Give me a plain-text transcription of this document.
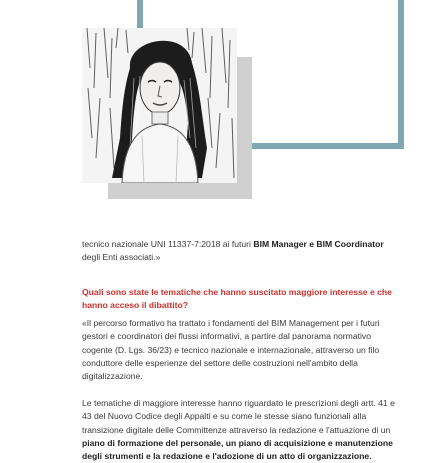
tecnico nazionale UNI 11337-7:2018 ai futuri BIM Manager e BIM Coordinator
degli Enti associati.»

Quali sono state le tematiche che hanno suscitato maggiore interesse e che hanno acceso il dibattito?

«Il percorso formativo ha trattato i fondamenti del BIM Management per i futuri gestori e coordinatori dei flussi informativi, a partire dal panorama normativo cogente (D. Lgs. 36/23) e tecnico nazionale e internazionale, attraverso un filo conduttore delle esperienze del settore delle costruzioni nell'ambito della digitalizzazione.

Le tematiche di maggiore interesse hanno riguardato le prescrizioni degli artt. 41 e 43 del Nuovo Codice degli Appalti e su come le stesse siano funzionali alla transizione digitale delle Committenze attraverso la redazione e l'attuazione di un piano di formazione del personale, un piano di acquisizione e manutenzione degli strumenti e la redazione e l'adozione di un atto di organizzazione.
